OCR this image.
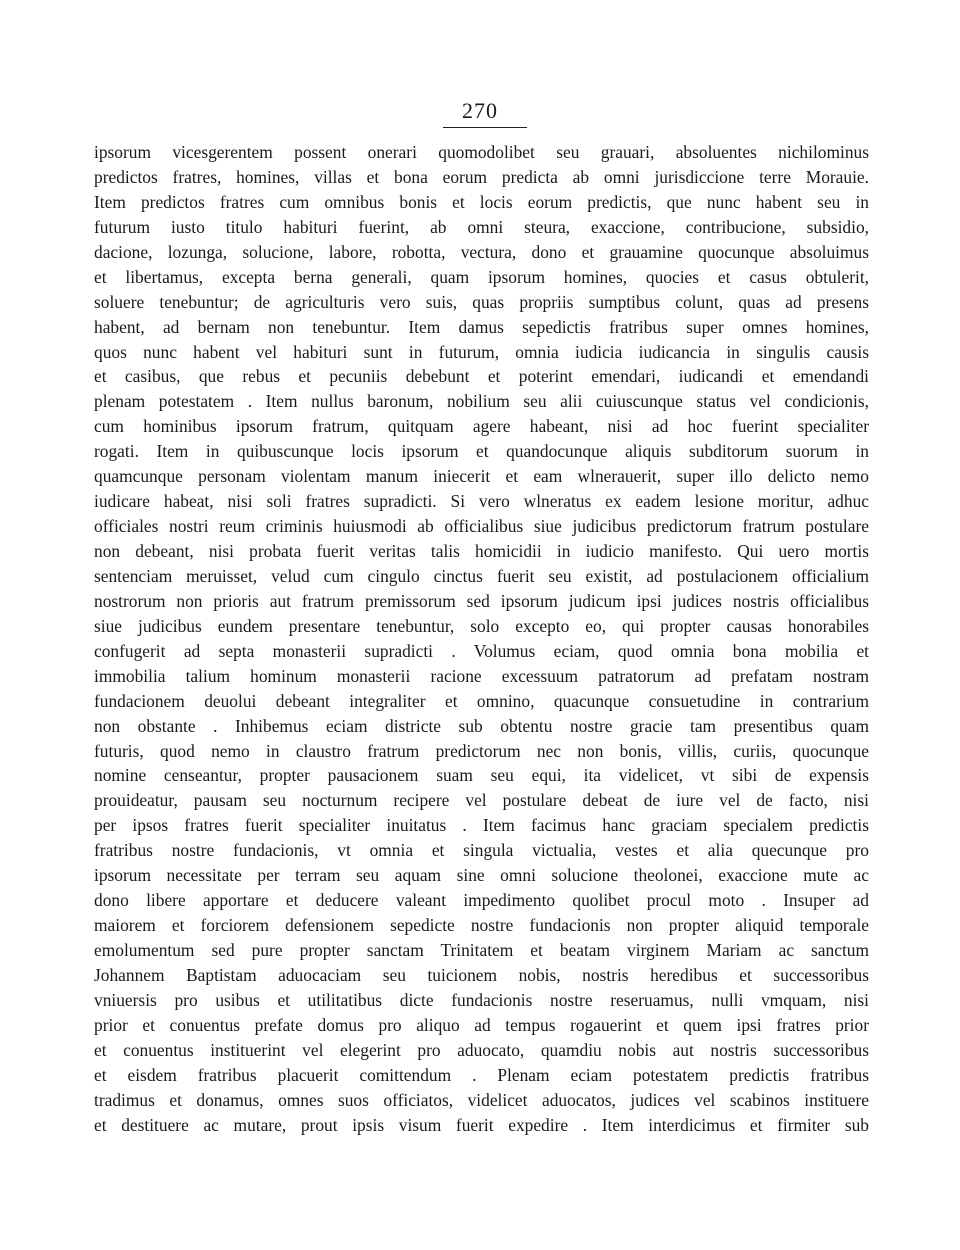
270
ipsorum vicesgerentem possent onerari quomodolibet seu grauari, absoluentes nichilominus
predictos fratres, homines, villas et bona eorum predicta ab omni jurisdiccione terre Morauie.
Item predictos fratres cum omnibus bonis et locis eorum predictis, que nunc habent seu in
futurum iusto titulo habituri fuerint, ab omni steura, exaccione, contribucione, subsidio,
dacione, lozunga, solucione, labore, robotta, vectura, dono et grauamine quocunque absoluimus
et libertamus, excepta berna generali, quam ipsorum homines, quocies et casus obtulerit,
soluere tenebuntur; de agriculturis vero suis, quas propriis sumptibus colunt, quas ad presens
habent, ad bernam non tenebuntur. Item damus sepedictis fratribus super omnes homines,
quos nunc habent vel habituri sunt in futurum, omnia iudicia iudicancia in singulis causis
et casibus, que rebus et pecuniis debebunt et poterint emendari, iudicandi et emendandi
plenam potestatem . Item nullus baronum, nobilium seu alii cuiuscunque status vel condicionis,
cum hominibus ipsorum fratrum, quitquam agere habeant, nisi ad hoc fuerint specialiter
rogati. Item in quibuscunque locis ipsorum et quandocunque aliquis subditorum suorum in
quamcunque personam violentam manum iniecerit et eam wlnerauerit, super illo delicto nemo
iudicare habeat, nisi soli fratres supradicti. Si vero wlneratus ex eadem lesione moritur, adhuc
officiales nostri reum criminis huiusmodi ab officialibus siue judicibus predictorum fratrum postulare
non debeant, nisi probata fuerit veritas talis homicidii in iudicio manifesto. Qui uero mortis
sentenciam meruisset, velud cum cingulo cinctus fuerit seu existit, ad postulacionem officialium
nostrorum non prioris aut fratrum premissorum sed ipsorum judicum ipsi judices nostris officialibus
siue judicibus eundem presentare tenebuntur, solo excepto eo, qui propter causas honorabiles
confugerit ad septa monasterii supradicti . Volumus eciam, quod omnia bona mobilia et
immobilia talium hominum monasterii racione excessuum patratorum ad prefatam nostram
fundacionem deuolui debeant integraliter et omnino, quacunque consuetudine in contrarium
non obstante . Inhibemus eciam districte sub obtentu nostre gracie tam presentibus quam
futuris, quod nemo in claustro fratrum predictorum nec non bonis, villis, curiis, quocunque
nomine censeantur, propter pausacionem suam seu equi, ita videlicet, vt sibi de expensis
prouideatur, pausam seu nocturnum recipere vel postulare debeat de iure vel de facto, nisi
per ipsos fratres fuerit specialiter inuitatus . Item facimus hanc graciam specialem predictis
fratribus nostre fundacionis, vt omnia et singula victualia, vestes et alia quecunque pro
ipsorum necessitate per terram seu aquam sine omni solucione theolonei, exaccione mute ac
dono libere apportare et deducere valeant impedimento quolibet procul moto . Insuper ad
maiorem et forciorem defensionem sepedicte nostre fundacionis non propter aliquid temporale
emolumentum sed pure propter sanctam Trinitatem et beatam virginem Mariam ac sanctum
Johannem Baptistam aduocaciam seu tuicionem nobis, nostris heredibus et successoribus
vniuersis pro usibus et utilitatibus dicte fundacionis nostre reseruamus, nulli vmquam, nisi
prior et conuentus prefate domus pro aliquo ad tempus rogauerint et quem ipsi fratres prior
et conuentus instituerint vel elegerint pro aduocato, quamdiu nobis aut nostris successoribus
et eisdem fratribus placuerit comittendum . Plenam eciam potestatem predictis fratribus
tradimus et donamus, omnes suos officiatos, videlicet aduocatos, judices vel scabinos instituere
et destituere ac mutare, prout ipsis visum fuerit expedire . Item interdicimus et firmiter sub
